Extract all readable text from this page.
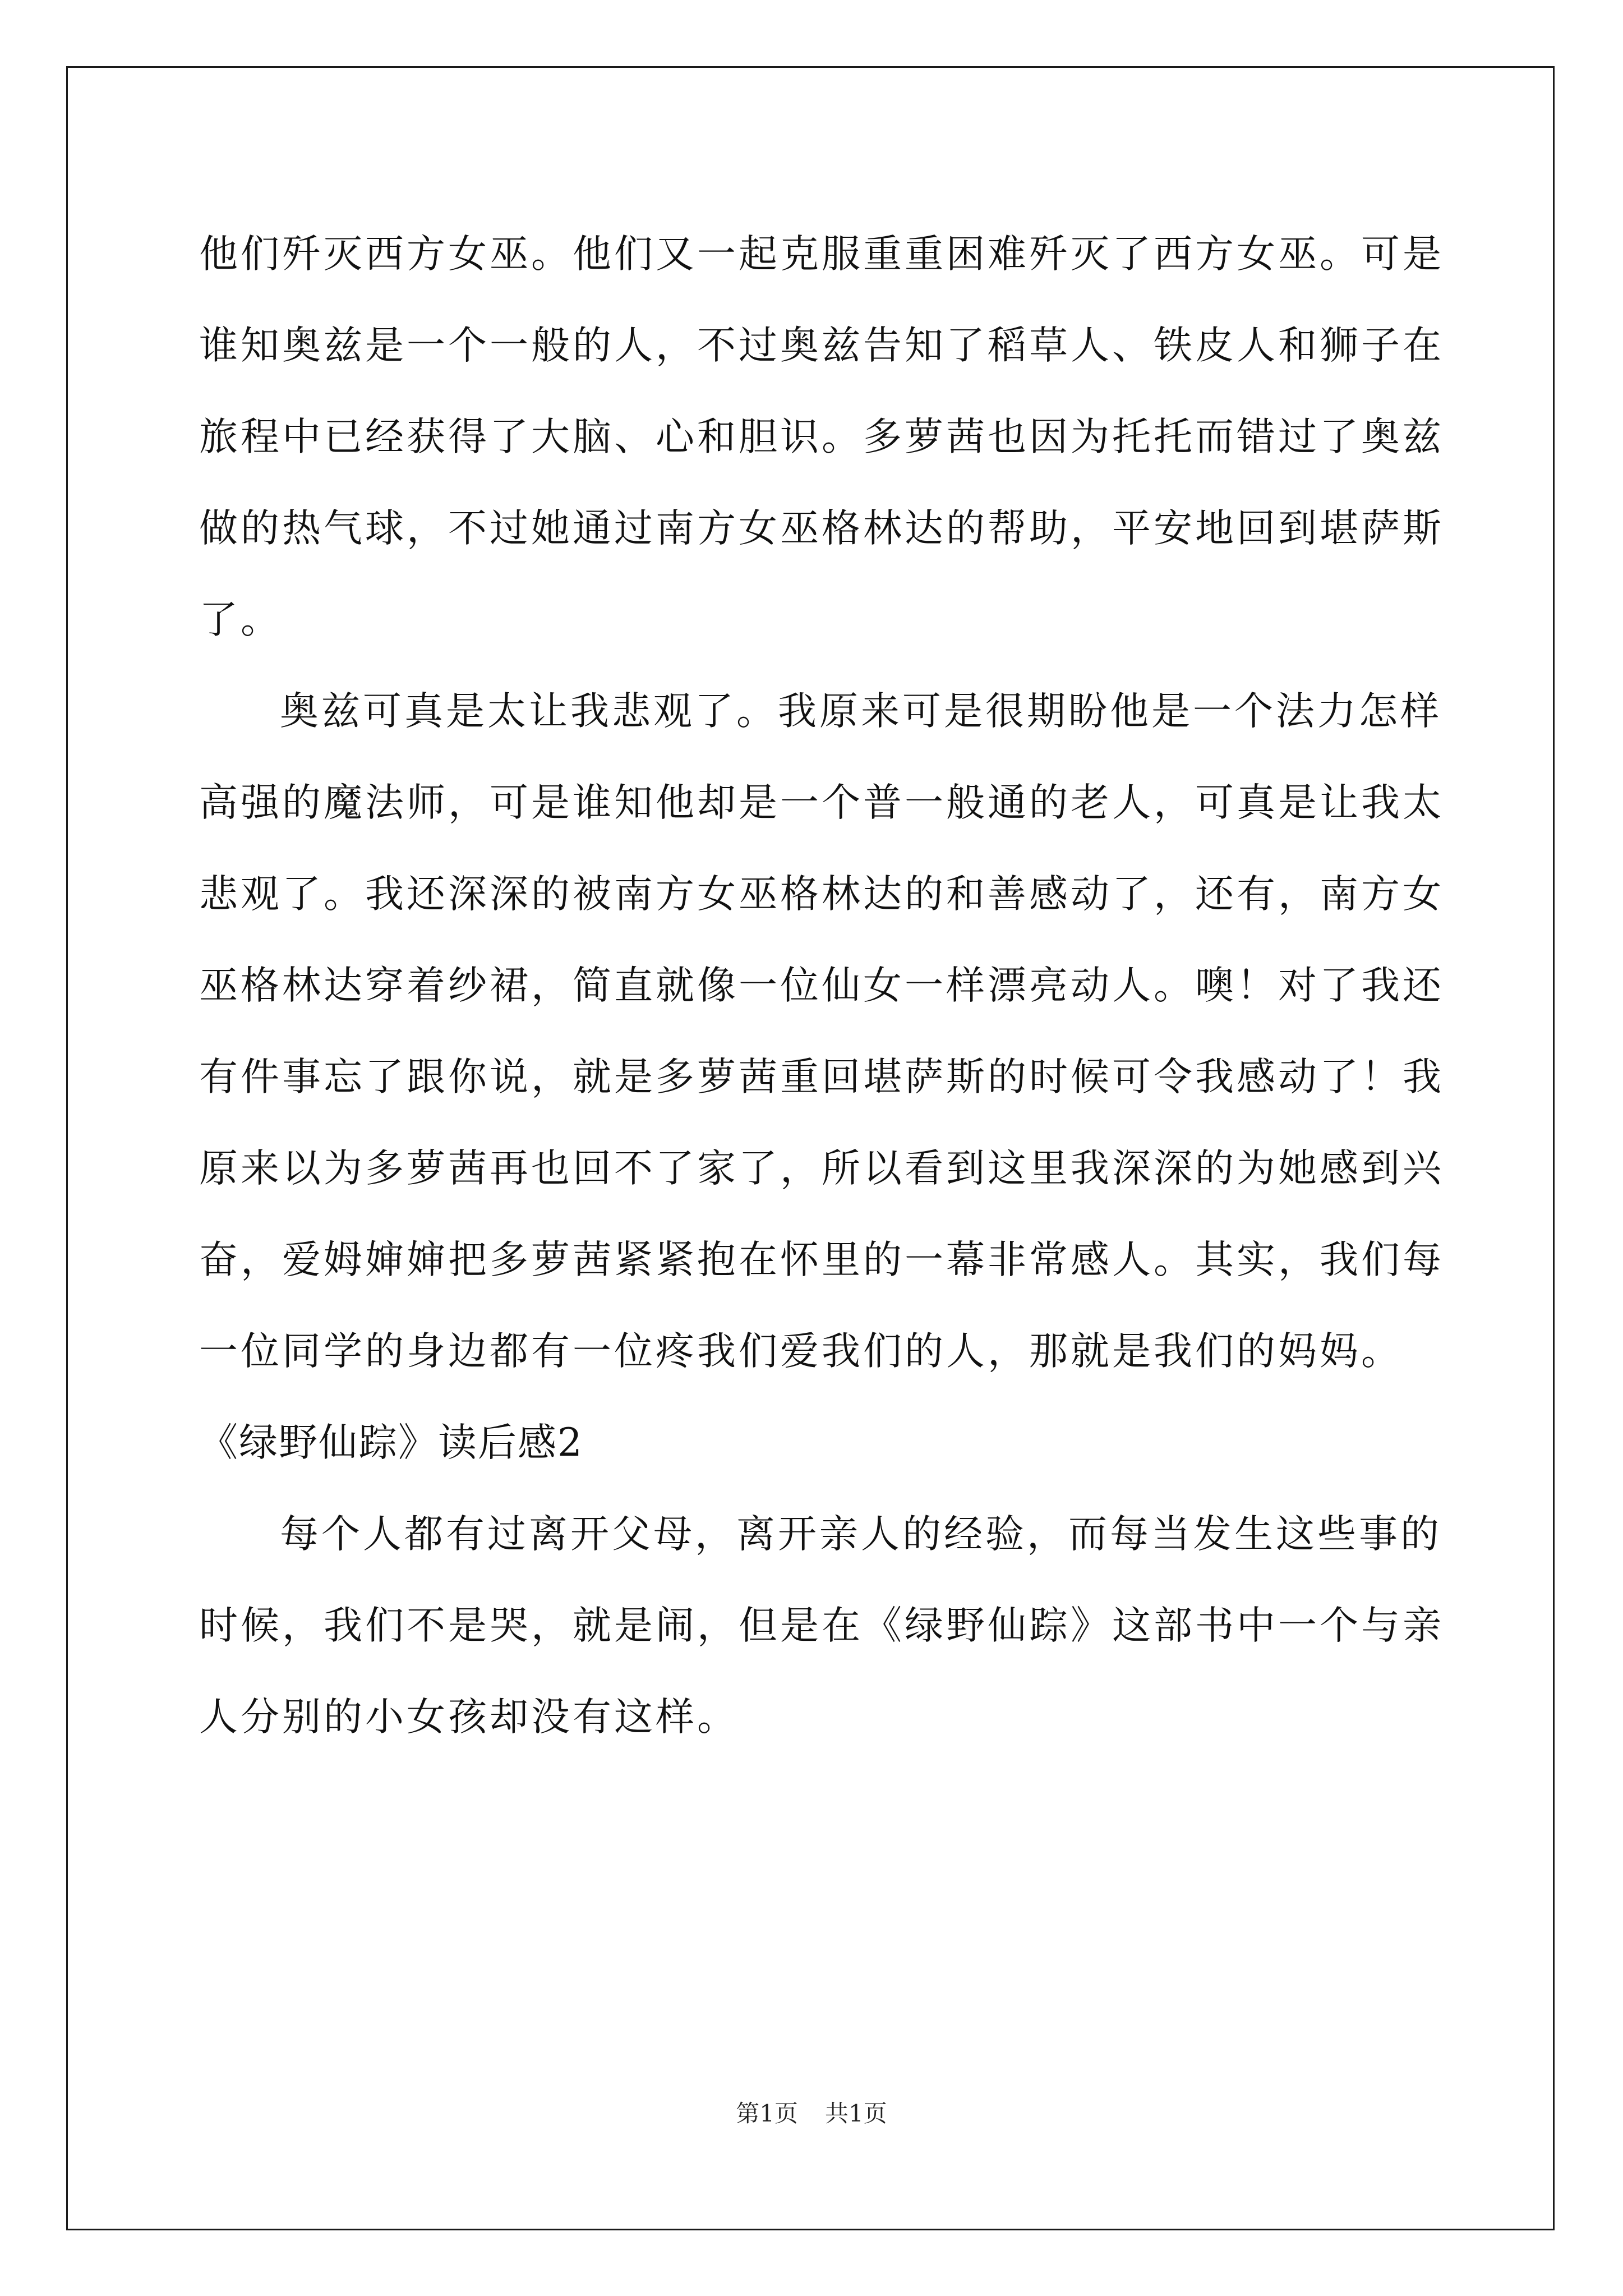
他们歼灭西方女巫。他们又一起克服重重困难歼灭了西方女巫。可是
谁知奥兹是一个一般的人，不过奥兹告知了稻草人、铁皮人和狮子在
旅程中已经获得了大脑、心和胆识。多萝茜也因为托托而错过了奥兹
做的热气球，不过她通过南方女巫格林达的帮助，平安地回到堪萨斯
了。
奥兹可真是太让我悲观了。我原来可是很期盼他是一个法力怎样
高强的魔法师，可是谁知他却是一个普一般通的老人，可真是让我太
悲观了。我还深深的被南方女巫格林达的和善感动了，还有，南方女
巫格林达穿着纱裙，简直就像一位仙女一样漂亮动人。噢！对了我还
有件事忘了跟你说，就是多萝茜重回堪萨斯的时候可令我感动了！我
原来以为多萝茜再也回不了家了，所以看到这里我深深的为她感到兴
奋，爱姆婶婶把多萝茜紧紧抱在怀里的一幕非常感人。其实，我们每
一位同学的身边都有一位疼我们爱我们的人，那就是我们的妈妈。
《绿野仙踪》读后感2
每个人都有过离开父母，离开亲人的经验，而每当发生这些事的
时候，我们不是哭，就是闹，但是在《绿野仙踪》这部书中一个与亲
人分别的小女孩却没有这样。
第1页 共1页
